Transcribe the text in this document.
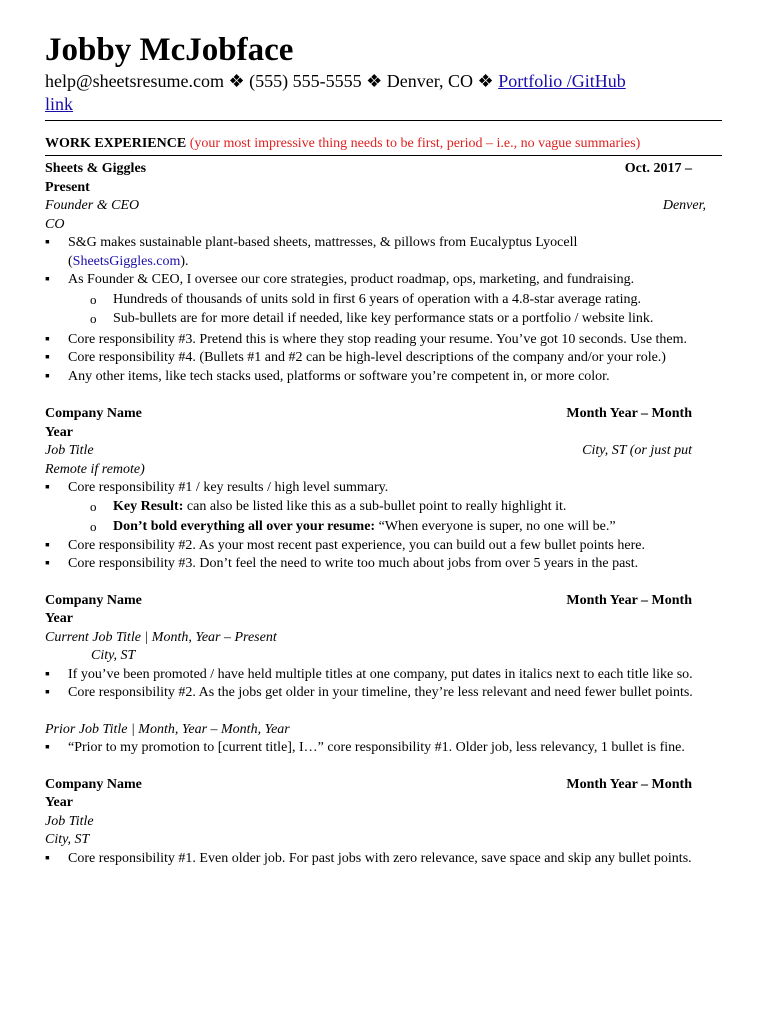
Jobby McJobface
help@sheetsresume.com ❖ (555) 555-5555 ❖ Denver, CO ❖ Portfolio /GitHub
link
WORK EXPERIENCE (your most impressive thing needs to be first, period – i.e., no vague summaries)
Sheets & Giggles	Oct. 2017 –
Present
Founder & CEO	Denver,
CO
▪ S&G makes sustainable plant-based sheets, mattresses, & pillows from Eucalyptus Lyocell
(SheetsGiggles.com).
▪ As Founder & CEO, I oversee our core strategies, product roadmap, ops, marketing, and fundraising.
o Hundreds of thousands of units sold in first 6 years of operation with a 4.8-star average rating.
o Sub-bullets are for more detail if needed, like key performance stats or a portfolio / website link.
▪ Core responsibility #3. Pretend this is where they stop reading your resume. You’ve got 10 seconds. Use them.
▪ Core responsibility #4. (Bullets #1 and #2 can be high-level descriptions of the company and/or your role.)
▪ Any other items, like tech stacks used, platforms or software you’re competent in, or more color.
Company Name	Month Year – Month
Year
Job Title	City, ST (or just put
Remote if remote)
▪ Core responsibility #1 / key results / high level summary.
o Key Result: can also be listed like this as a sub-bullet point to really highlight it.
o Don’t bold everything all over your resume: “When everyone is super, no one will be.”
▪ Core responsibility #2. As your most recent past experience, you can build out a few bullet points here.
▪ Core responsibility #3. Don’t feel the need to write too much about jobs from over 5 years in the past.
Company Name	Month Year – Month
Year
Current Job Title | Month, Year – Present
City, ST
▪ If you’ve been promoted / have held multiple titles at one company, put dates in italics next to each title like so.
▪ Core responsibility #2. As the jobs get older in your timeline, they’re less relevant and need fewer bullet points.
Prior Job Title | Month, Year – Month, Year
▪ “Prior to my promotion to [current title], I…” core responsibility #1. Older job, less relevancy, 1 bullet is fine.
Company Name	Month Year – Month
Year
Job Title
City, ST
▪ Core responsibility #1. Even older job. For past jobs with zero relevance, save space and skip any bullet points.
